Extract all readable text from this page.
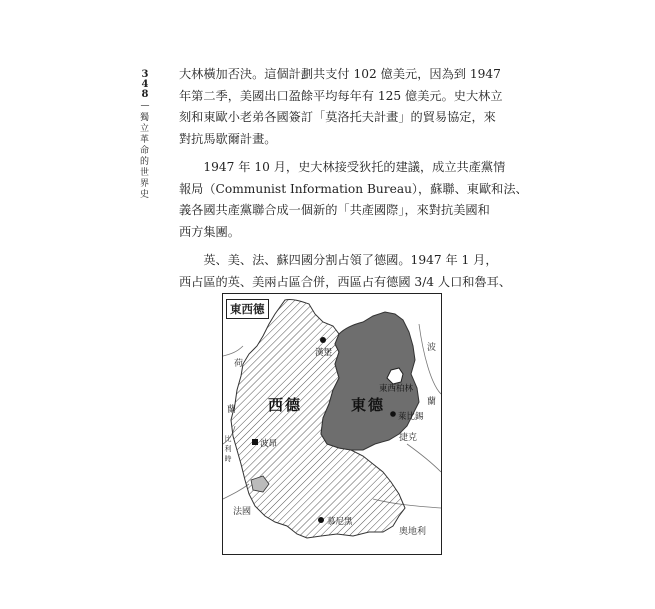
3
4
8
—
獨
立
革
命
的
世
界
史
大林橫加否決。這個計劃共支付 102 億美元，因為到 1947
年第二季，美國出口盈餘平均每年有 125 億美元。史大林立
刻和東歐小老弟各國簽訂「莫洛托夫計畫」的貿易協定，來
對抗馬歇爾計畫。
　　1947 年 10 月，史大林接受狄托的建議，成立共產黨情
報局（Communist Information Bureau），蘇聯、東歐和法、
義各國共產黨聯合成一個新的「共產國際」，來對抗美國和
西方集團。
　　英、美、法、蘇四國分割占領了德國。1947 年 1 月，
西占區的英、美兩占區合併，西區占有德國 3/4 人口和魯耳、
東西德
西德	東德
荷
蘭
比利時
法國
波
蘭
捷克
奧地利
漢堡
東西柏林
萊比錫
波昂
慕尼黑
